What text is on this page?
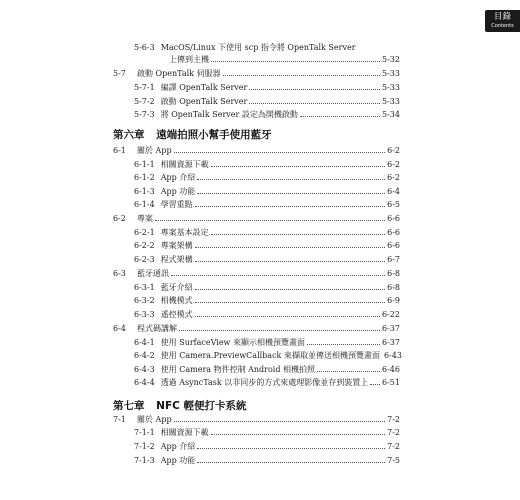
目錄
Contents
5-6-3 MacOS/Linux 下使用 scp 指令將 OpenTalk Server
上傳到主機	5-32
5-7	啟動 OpenTalk 伺服器	5-33
5-7-1 編譯 OpenTalk Server	5-33
5-7-2 啟動 OpenTalk Server	5-33
5-7-3 將 OpenTalk Server 設定為開機啟動	5-34
第六章 遠端拍照小幫手使用藍牙
6-1	關於 App	6-2
6-1-1 相關資源下載	6-2
6-1-2 App 介紹	6-2
6-1-3 App 功能	6-4
6-1-4 學習重點	6-5
6-2	專案	6-6
6-2-1 專案基本設定	6-6
6-2-2 專案架構	6-6
6-2-3 程式架構	6-7
6-3	藍牙通訊	6-8
6-3-1 藍牙介紹	6-8
6-3-2 相機模式	6-9
6-3-3 遙控模式	6-22
6-4	程式碼講解	6-37
6-4-1 使用 SurfaceView 來顯示相機預覽畫面	6-37
6-4-2 使用 Camera.PreviewCallback 來擷取並傳送相機預覽畫面 6-43
6-4-3 使用 Camera 物件控制 Android 相機拍照	6-46
6-4-4 透過 AsyncTask 以非同步的方式來處理影像並存到裝置上 6-51
第七章 NFC 輕便打卡系統
7-1	關於 App	7-2
7-1-1 相關資源下載	7-2
7-1-2 App 介紹	7-2
7-1-3 App 功能	7-5
